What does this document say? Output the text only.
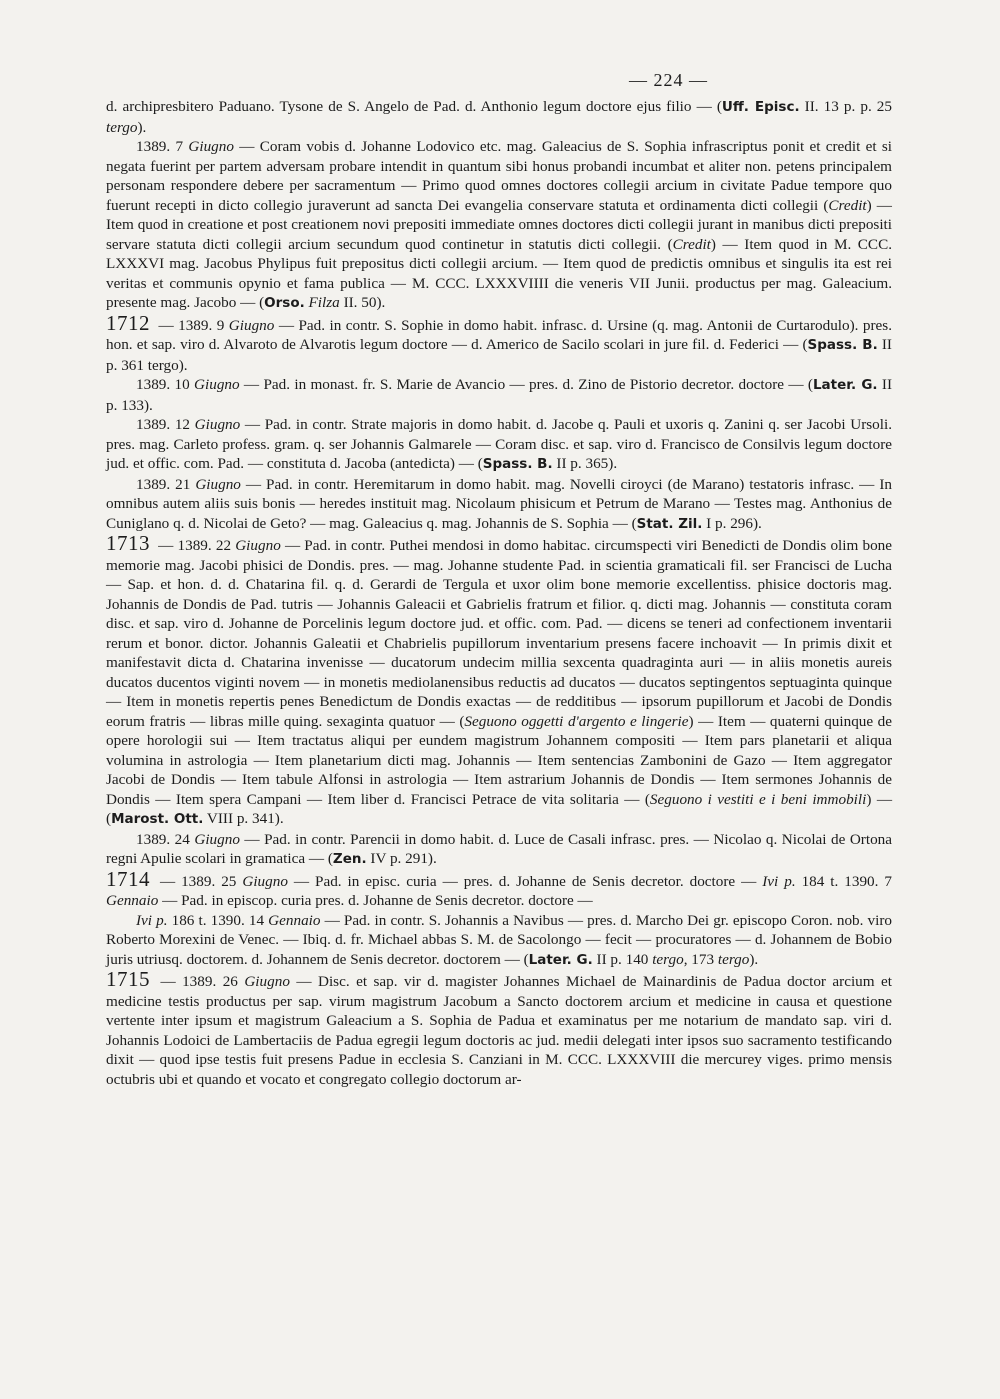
— 224 —

d. archipresbitero Paduano. Tysone de S. Angelo de Pad. d. Anthonio legum doctore ejus filio — (Uff. Episc. II. 13 p. p. 25 tergo).

1389. 7 Giugno — Coram vobis d. Johanne Lodovico etc. mag. Galeacius de S. Sophia infrascriptus ponit et credit et si negata fuerint per partem adversam probare intendit in quantum sibi honus probandi incumbat et aliter non. petens principalem personam respondere debere per sacramentum — Primo quod omnes doctores collegii arcium in civitate Padue tempore quo fuerunt recepti in dicto collegio juraverunt ad sancta Dei evangelia conservare statuta et ordinamenta dicti collegii (Credit) — Item quod in creatione et post creationem novi prepositi immediate omnes doctores dicti collegii jurant in manibus dicti prepositi servare statuta dicti collegii arcium secundum quod continetur in statutis dicti collegii. (Credit) — Item quod in M. CCC. LXXXVI mag. Jacobus Phylipus fuit prepositus dicti collegii arcium. — Item quod de predictis omnibus et singulis ita est rei veritas et communis opynio et fama publica — M. CCC. LXXXVIIII die veneris VII Junii. productus per mag. Galeacium. presente mag. Jacobo — (Orso. Filza II. 50).

1712 — 1389. 9 Giugno — Pad. in contr. S. Sophie in domo habit. infrasc. d. Ursine (q. mag. Antonii de Curtarodulo). pres. hon. et sap. viro d. Alvaroto de Alvarotis legum doctore — d. Americo de Sacilo scolari in jure fil. d. Federici — (Spass. B. II p. 361 tergo).

1389. 10 Giugno — Pad. in monast. fr. S. Marie de Avancio — pres. d. Zino de Pistorio decretor. doctore — (Later. G. II p. 133).

1389. 12 Giugno — Pad. in contr. Strate majoris in domo habit. d. Jacobe q. Pauli et uxoris q. Zanini q. ser Jacobi Ursoli. pres. mag. Carleto profess. gram. q. ser Johannis Galmarele — Coram disc. et sap. viro d. Francisco de Consilvis legum doctore jud. et offic. com. Pad. — constituta d. Jacoba (antedicta) — (Spass. B. II p. 365).

1389. 21 Giugno — Pad. in contr. Heremitarum in domo habit. mag. Novelli ciroyci (de Marano) testatoris infrasc. — In omnibus autem aliis suis bonis — heredes instituit mag. Nicolaum phisicum et Petrum de Marano — Testes mag. Anthonius de Cuniglano q. d. Nicolai de Geto? — mag. Galeacius q. mag. Johannis de S. Sophia — (Stat. Zil. I p. 296).

1713 — 1389. 22 Giugno — Pad. in contr. Puthei mendosi in domo habitac. circumspecti viri Benedicti de Dondis olim bone memorie mag. Jacobi phisici de Dondis. pres. — mag. Johanne studente Pad. in scientia gramaticali fil. ser Francisci de Lucha — Sap. et hon. d. d. Chatarina fil. q. d. Gerardi de Tergula et uxor olim bone memorie excellentiss. phisice doctoris mag. Johannis de Dondis de Pad. tutris — Johannis Galeacii et Gabrielis fratrum et filior. q. dicti mag. Johannis — constituta coram disc. et sap. viro d. Johanne de Porcelinis legum doctore jud. et offic. com. Pad. — dicens se teneri ad confectionem inventarii rerum et bonor. dictor. Johannis Galeatii et Chabrielis pupillorum inventarium presens facere inchoavit — In primis dixit et manifestavit dicta d. Chatarina invenisse — ducatorum undecim millia sexcenta quadraginta auri — in aliis monetis aureis ducatos ducentos viginti novem — in monetis mediolanensibus reductis ad ducatos — ducatos septingentos septuaginta quinque — Item in monetis repertis penes Benedictum de Dondis exactas — de redditibus — ipsorum pupillorum et Jacobi de Dondis eorum fratris — libras mille quing. sexaginta quatuor — (Seguono oggetti d'argento e lingerie) — Item — quaterni quinque de opere horologii sui — Item tractatus aliqui per eundem magistrum Johannem compositi — Item pars planetarii et aliqua volumina in astrologia — Item planetarium dicti mag. Johannis — Item sentencias Zambonini de Gazo — Item aggregator Jacobi de Dondis — Item tabule Alfonsi in astrologia — Item astrarium Johannis de Dondis — Item sermones Johannis de Dondis — Item spera Campani — Item liber d. Francisci Petrace de vita solitaria — (Seguono i vestiti e i beni immobili) — (Marost. Ott. VIII p. 341).

1389. 24 Giugno — Pad. in contr. Parencii in domo habit. d. Luce de Casali infrasc. pres. — Nicolao q. Nicolai de Ortona regni Apulie scolari in gramatica — (Zen. IV p. 291).

1714 — 1389. 25 Giugno — Pad. in episc. curia — pres. d. Johanne de Senis decretor. doctore — Ivi p. 184 t. 1390. 7 Gennaio — Pad. in episcop. curia pres. d. Johanne de Senis decretor. doctore —

Ivi p. 186 t. 1390. 14 Gennaio — Pad. in contr. S. Johannis a Navibus — pres. d. Marcho Dei gr. episcopo Coron. nob. viro Roberto Morexini de Venec. — Ibiq. d. fr. Michael abbas S. M. de Sacolongo — fecit — procuratores — d. Johannem de Bobio juris utriusq. doctorem. d. Johannem de Senis decretor. doctorem — (Later. G. II p. 140 tergo, 173 tergo).

1715 — 1389. 26 Giugno — Disc. et sap. vir d. magister Johannes Michael de Mainardinis de Padua doctor arcium et medicine testis productus per sap. virum magistrum Jacobum a Sancto doctorem arcium et medicine in causa et questione vertente inter ipsum et magistrum Galeacium a S. Sophia de Padua et examinatus per me notarium de mandato sap. viri d. Johannis Lodoici de Lambertaciis de Padua egregii legum doctoris ac jud. medii delegati inter ipsos suo sacramento testificando dixit — quod ipse testis fuit presens Padue in ecclesia S. Canziani in M. CCC. LXXXVIII die mercurey viges. primo mensis octubris ubi et quando et vocato et congregato collegio doctorum ar-
